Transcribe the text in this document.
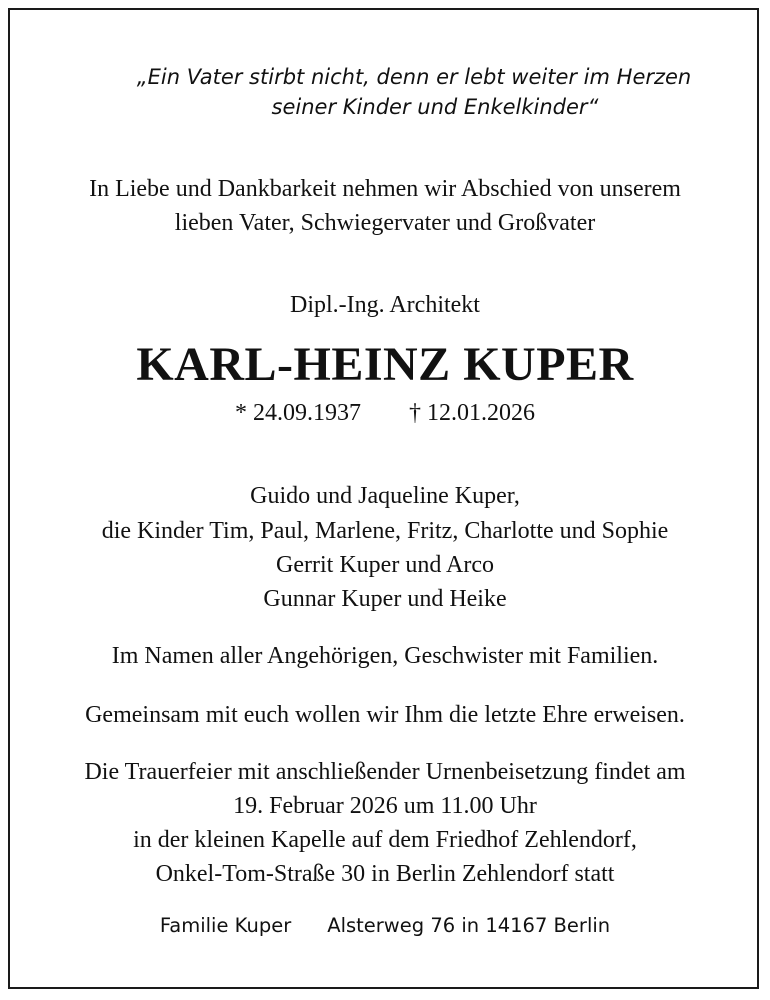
„Ein Vater stirbt nicht, denn er lebt weiter im Herzen

seiner Kinder und Enkelkinder“

In Liebe und Dankbarkeit nehmen wir Abschied von unserem

lieben Vater, Schwiegervater und Großvater

Dipl.-Ing. Architekt

KARL-HEINZ KUPER

* 24.09.1937 † 12.01.2026

Guido und Jaqueline Kuper,

die Kinder Tim, Paul, Marlene, Fritz, Charlotte und Sophie

Gerrit Kuper und Arco

Gunnar Kuper und Heike

Im Namen aller Angehörigen, Geschwister mit Familien.

Gemeinsam mit euch wollen wir Ihm die letzte Ehre erweisen.

Die Trauerfeier mit anschließender Urnenbeisetzung findet am

19. Februar 2026 um 11.00 Uhr

in der kleinen Kapelle auf dem Friedhof Zehlendorf,

Onkel-Tom-Straße 30 in Berlin Zehlendorf statt

Familie Kuper Alsterweg 76 in 14167 Berlin
